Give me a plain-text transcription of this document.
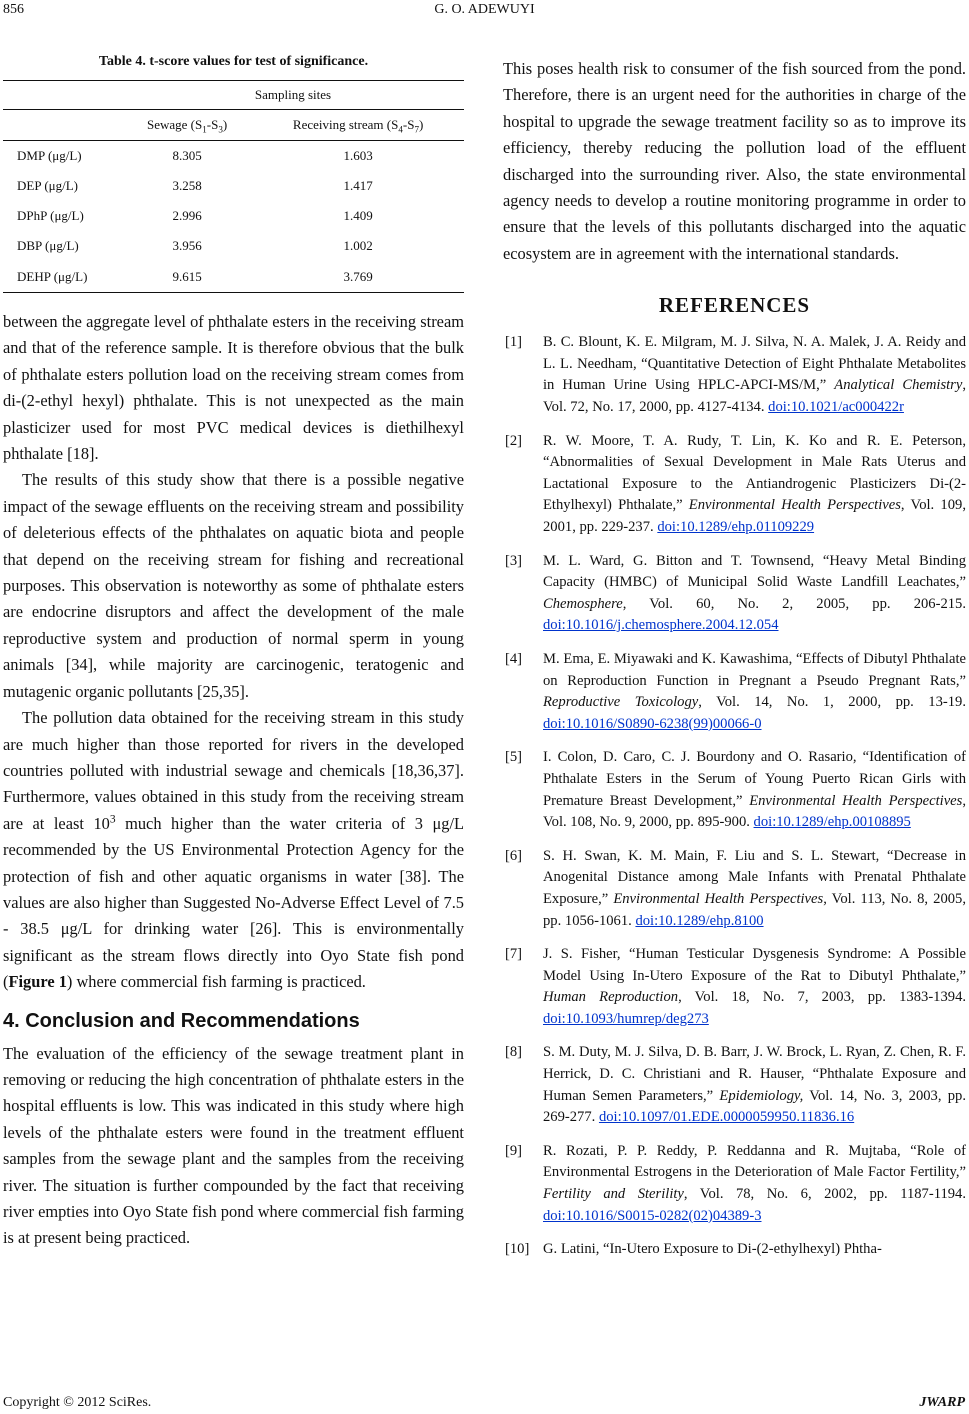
856	G. O. ADEWUYI
Table 4. t-score values for test of significance.
	Sampling sites	
	Sewage $(S_1-S_3)$	Receiving stream $(S_4-S_7)$
DMP (μg/L)	8.305	1.603
DEP (μg/L)	3.258	1.417
DPhP (μg/L)	2.996	1.409
DBP (μg/L)	3.956	1.002
DEHP (μg/L)	9.615	3.769

between the aggregate level of phthalate esters in the receiving stream and that of the reference sample. It is therefore obvious that the bulk of phthalate esters pollution load on the receiving stream comes from di-(2-ethyl hexyl) phthalate. This is not unexpected as the main plasticizer used for most PVC medical devices is diethilhexyl phthalate [18].

The results of this study show that there is a possible negative impact of the sewage effluents on the receiving stream and possibility of deleterious effects of the phthalates on aquatic biota and people that depend on the receiving stream for fishing and recreational purposes. This observation is noteworthy as some of phthalate esters are endocrine disruptors and affect the development of the male reproductive system and production of normal sperm in young animals [34], while majority are carcinogenic, teratogenic and mutagenic organic pollutants [25,35].

The pollution data obtained for the receiving stream in this study are much higher than those reported for rivers in the developed countries polluted with industrial sewage and chemicals [18,36,37]. Furthermore, values obtained in this study from the receiving stream are at least $10^3$ much higher than the water criteria of 3 μg/L recommended by the US Environmental Protection Agency for the protection of fish and other aquatic organisms in water [38]. The values are also higher than Suggested No-Adverse Effect Level of 7.5 - 38.5 μg/L for drinking water [26]. This is environmentally significant as the stream flows directly into Oyo State fish pond (Figure 1) where commercial fish farming is practiced.

4. Conclusion and Recommendations

The evaluation of the efficiency of the sewage treatment plant in removing or reducing the high concentration of phthalate esters in the hospital effluents is low. This was indicated in this study where high levels of the phthalate esters were found in the treatment effluent samples from the sewage plant and the samples from the receiving river. The situation is further compounded by the fact that receiving river empties into Oyo State fish pond where commercial fish farming is at present being practiced.

This poses health risk to consumer of the fish sourced from the pond. Therefore, there is an urgent need for the authorities in charge of the hospital to upgrade the sewage treatment facility so as to improve its efficiency, thereby reducing the pollution load of the effluent discharged into the surrounding river. Also, the state environmental agency needs to develop a routine monitoring programme in order to ensure that the levels of this pollutants discharged into the aquatic ecosystem are in agreement with the international standards.

REFERENCES
[1] B. C. Blount, K. E. Milgram, M. J. Silva, N. A. Malek, J. A. Reidy and L. L. Needham, “Quantitative Detection of Eight Phthalate Metabolites in Human Urine Using HPLC-APCI-MS/M,” Analytical Chemistry, Vol. 72, No. 17, 2000, pp. 4127-4134. doi:10.1021/ac000422r
[2] R. W. Moore, T. A. Rudy, T. Lin, K. Ko and R. E. Peterson, “Abnormalities of Sexual Development in Male Rats Uterus and Lactational Exposure to the Antiandrogenic Plasticizers Di-(2-Ethylhexyl) Phthalate,” Environmental Health Perspectives, Vol. 109, 2001, pp. 229-237. doi:10.1289/ehp.01109229
[3] M. L. Ward, G. Bitton and T. Townsend, “Heavy Metal Binding Capacity (HMBC) of Municipal Solid Waste Landfill Leachates,” Chemosphere, Vol. 60, No. 2, 2005, pp. 206-215. doi:10.1016/j.chemosphere.2004.12.054
[4] M. Ema, E. Miyawaki and K. Kawashima, “Effects of Dibutyl Phthalate on Reproduction Function in Pregnant a Pseudo Pregnant Rats,” Reproductive Toxicology, Vol. 14, No. 1, 2000, pp. 13-19. doi:10.1016/S0890-6238(99)00066-0
[5] I. Colon, D. Caro, C. J. Bourdony and O. Rasario, “Identification of Phthalate Esters in the Serum of Young Puerto Rican Girls with Premature Breast Development,” Environmental Health Perspectives, Vol. 108, No. 9, 2000, pp. 895-900. doi:10.1289/ehp.00108895
[6] S. H. Swan, K. M. Main, F. Liu and S. L. Stewart, “Decrease in Anogenital Distance among Male Infants with Prenatal Phthalate Exposure,” Environmental Health Perspectives, Vol. 113, No. 8, 2005, pp. 1056-1061. doi:10.1289/ehp.8100
[7] J. S. Fisher, “Human Testicular Dysgenesis Syndrome: A Possible Model Using In-Utero Exposure of the Rat to Dibutyl Phthalate,” Human Reproduction, Vol. 18, No. 7, 2003, pp. 1383-1394. doi:10.1093/humrep/deg273
[8] S. M. Duty, M. J. Silva, D. B. Barr, J. W. Brock, L. Ryan, Z. Chen, R. F. Herrick, D. C. Christiani and R. Hauser, “Phthalate Exposure and Human Semen Parameters,” Epidemiology, Vol. 14, No. 3, 2003, pp. 269-277. doi:10.1097/01.EDE.0000059950.11836.16
[9] R. Rozati, P. P. Reddy, P. Reddanna and R. Mujtaba, “Role of Environmental Estrogens in the Deterioration of Male Factor Fertility,” Fertility and Sterility, Vol. 78, No. 6, 2002, pp. 1187-1194. doi:10.1016/S0015-0282(02)04389-3
[10] G. Latini, “In-Utero Exposure to Di-(2-ethylhexyl) Phtha-
Copyright © 2012 SciRes.	JWARP
